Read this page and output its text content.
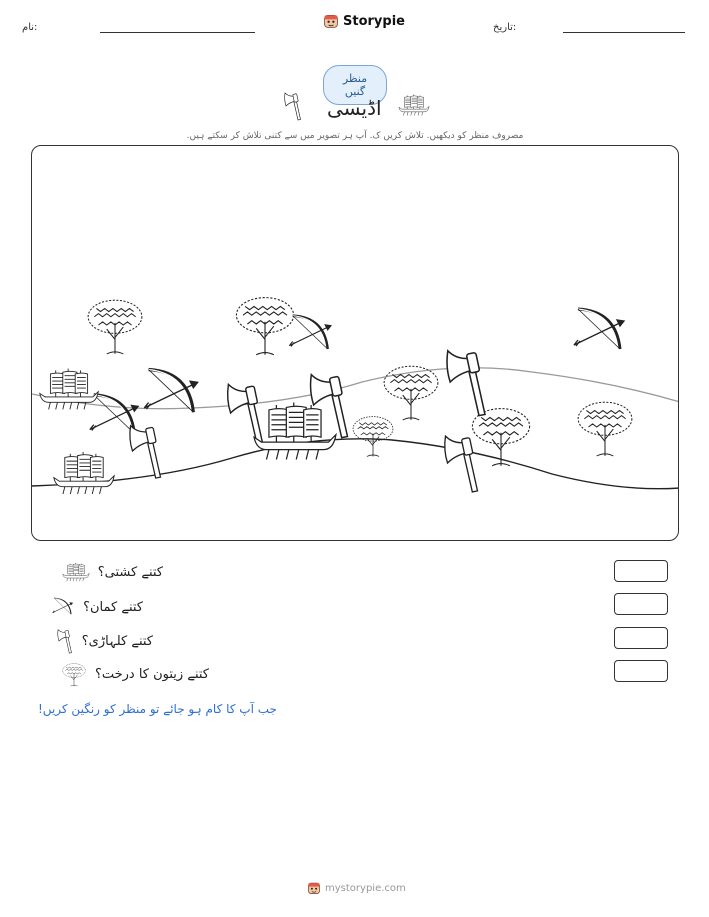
نام:	Storypie	تاریخ:
منظر گنیں
اڈیسی
مصروف منظر کو دیکھیں. تلاش کریں ک. آپ ہر تصویر میں سے کتنی تلاش کر سکتے ہیں.
کتنے کشتی؟
کتنے کمان؟
کتنے کلہاڑی؟
کتنے زیتون کا درخت؟
جب آپ کا کام ہو جائے تو منظر کو رنگین کریں!
mystorypie.com
